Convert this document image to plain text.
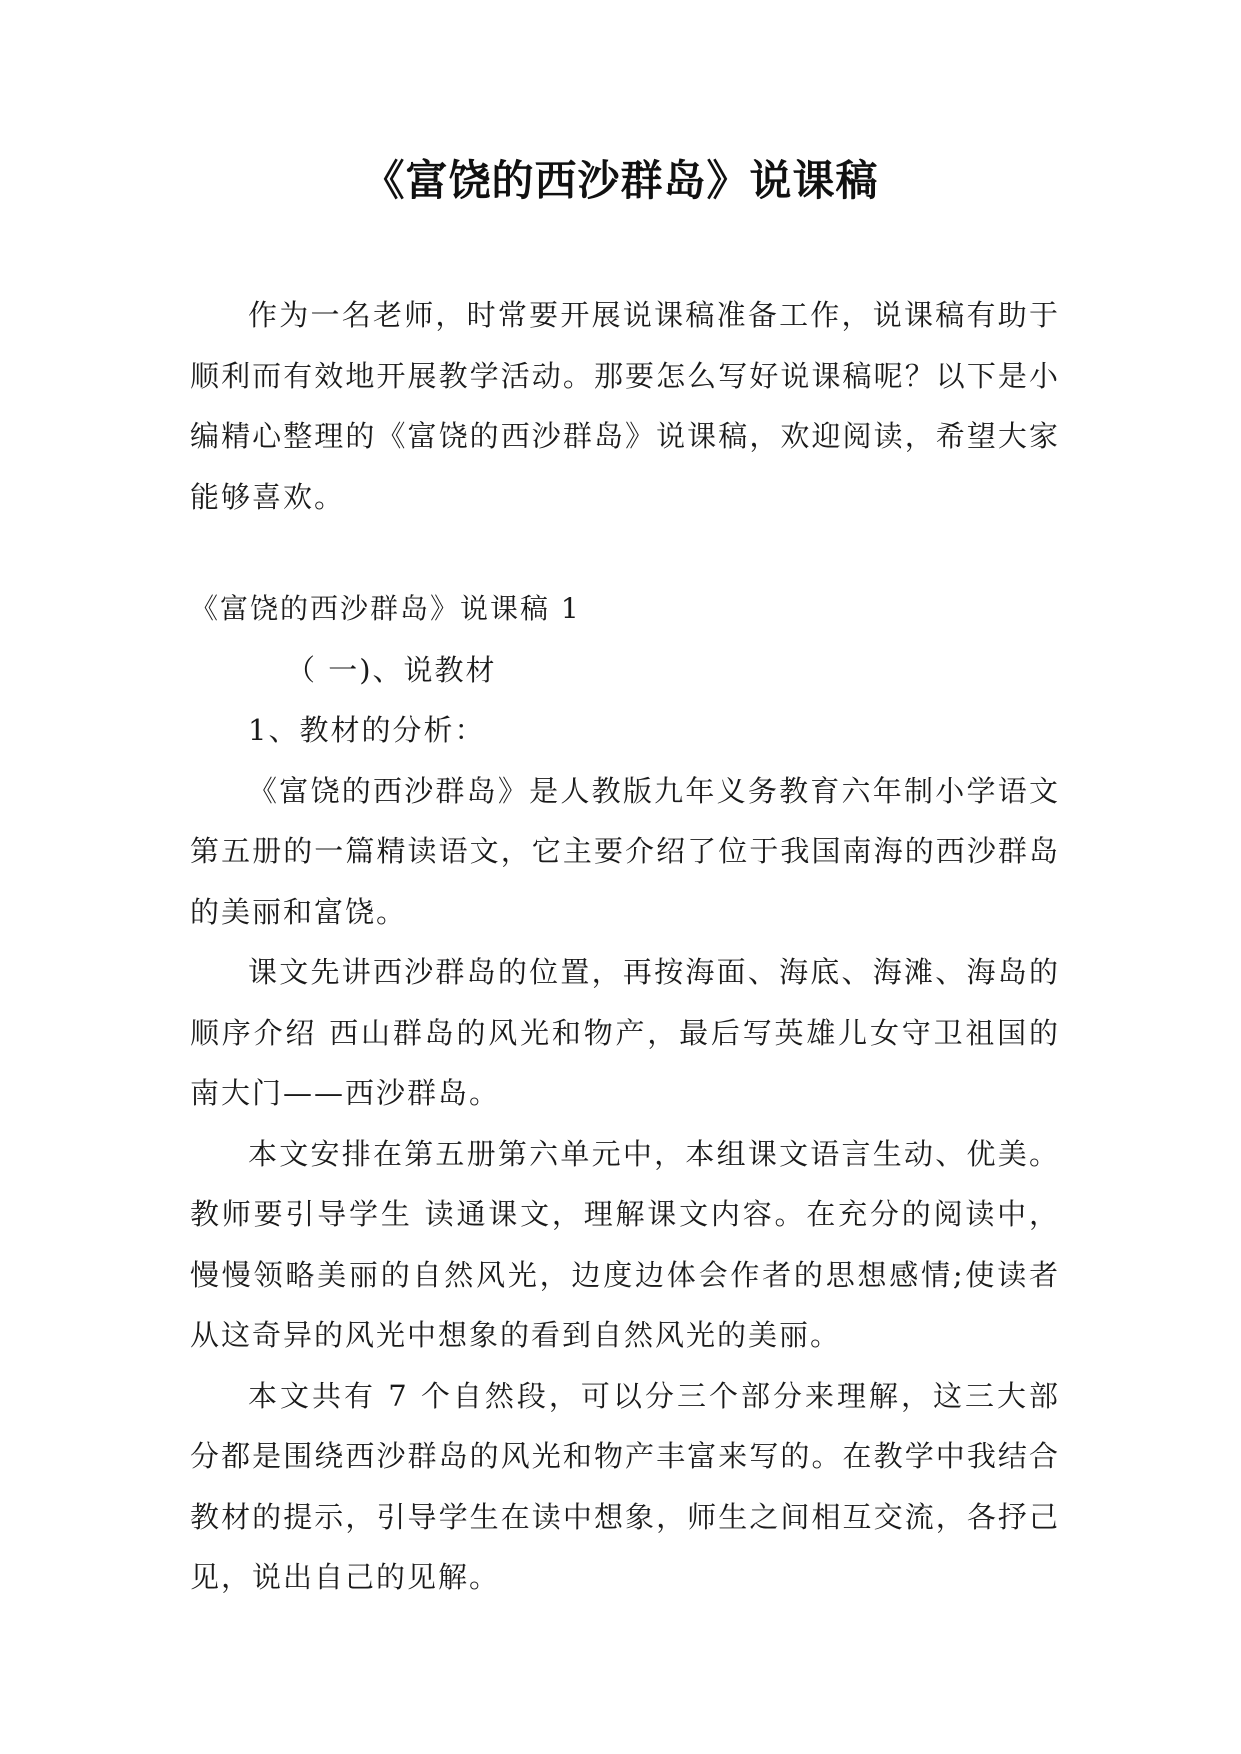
《富饶的西沙群岛》说课稿

作为一名老师，时常要开展说课稿准备工作，说课稿有助于顺利而有效地开展教学活动。那要怎么写好说课稿呢？以下是小编精心整理的《富饶的西沙群岛》说课稿，欢迎阅读，希望大家能够喜欢。

《富饶的西沙群岛》说课稿 1

（ 一)、说教材

1、教材的分析：

《富饶的西沙群岛》是人教版九年义务教育六年制小学语文第五册的一篇精读语文，它主要介绍了位于我国南海的西沙群岛的美丽和富饶。

课文先讲西沙群岛的位置，再按海面、海底、海滩、海岛的顺序介绍 西山群岛的风光和物产，最后写英雄儿女守卫祖国的南大门——西沙群岛。

本文安排在第五册第六单元中，本组课文语言生动、优美。教师要引导学生 读通课文，理解课文内容。在充分的阅读中，慢慢领略美丽的自然风光，边度边体会作者的思想感情;使读者从这奇异的风光中想象的看到自然风光的美丽。

本文共有 7 个自然段，可以分三个部分来理解，这三大部分都是围绕西沙群岛的风光和物产丰富来写的。在教学中我结合教材的提示，引导学生在读中想象，师生之间相互交流，各抒己见，说出自己的见解。
